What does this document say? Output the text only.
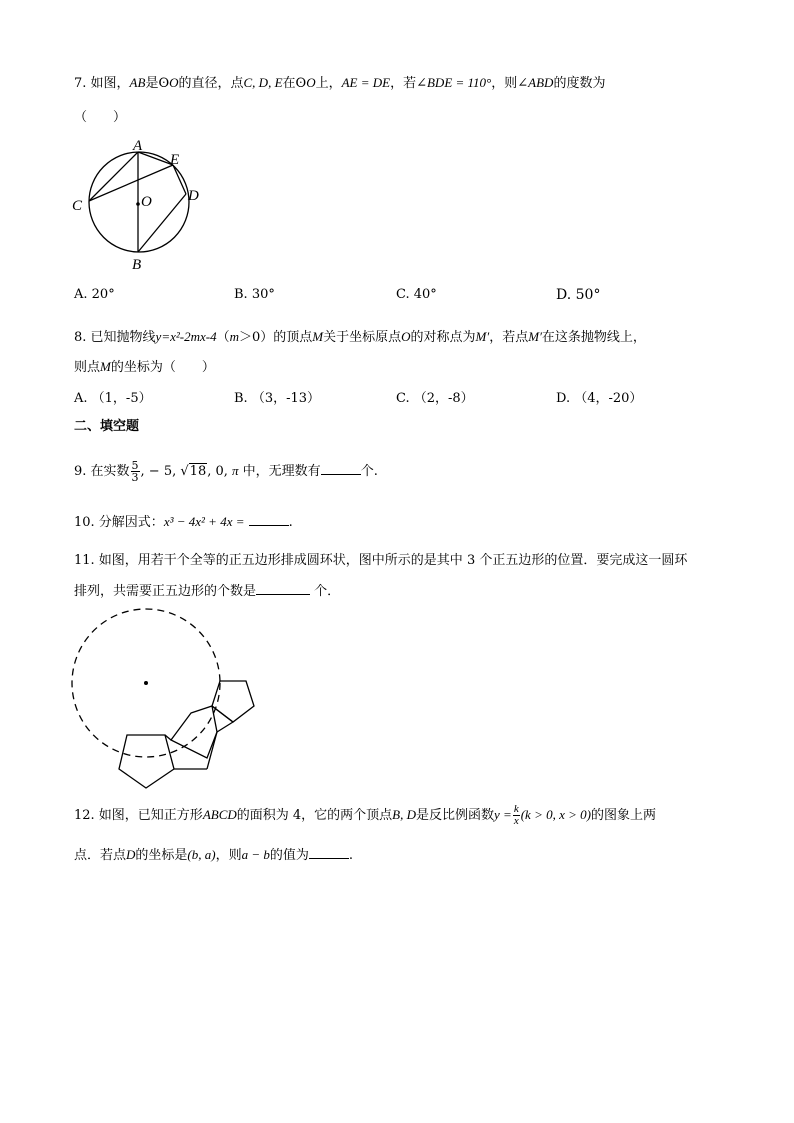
7. 如图，AB是ʘO的直径，点C, D, E在ʘO上，AE = DE，若∠BDE = 110°，则∠ABD的度数为
（　　）
A
E
O D
C
B
A. 20°	B. 30°	C. 40°	D. 50°
8. 已知抛物线y=x²-2mx-4（m＞0）的顶点M关于坐标原点O的对称点为M′，若点M′在这条抛物线上，
则点M的坐标为（　　）
A. （1，-5）	B. （3，-13）	C. （2，-8）	D. （4，-20）
二、填空题
9. 在实数 $\frac{5}{3}$ , − 5, √18, 0, π 中，无理数有	个.
10. 分解因式：x³ − 4x² + 4x =	.
11. 如图，用若干个全等的正五边形排成圆环状，图中所示的是其中 3 个正五边形的位置．要完成这一圆环
排列，共需要正五边形的个数是	个．
12. 如图，已知正方形ABCD的面积为 4，它的两个顶点B, D是反比例函数$y = \frac{k}{x} (k > 0$, x > 0)的图象上两
点．若点D的坐标是(b, a)，则a − b的值为	.
